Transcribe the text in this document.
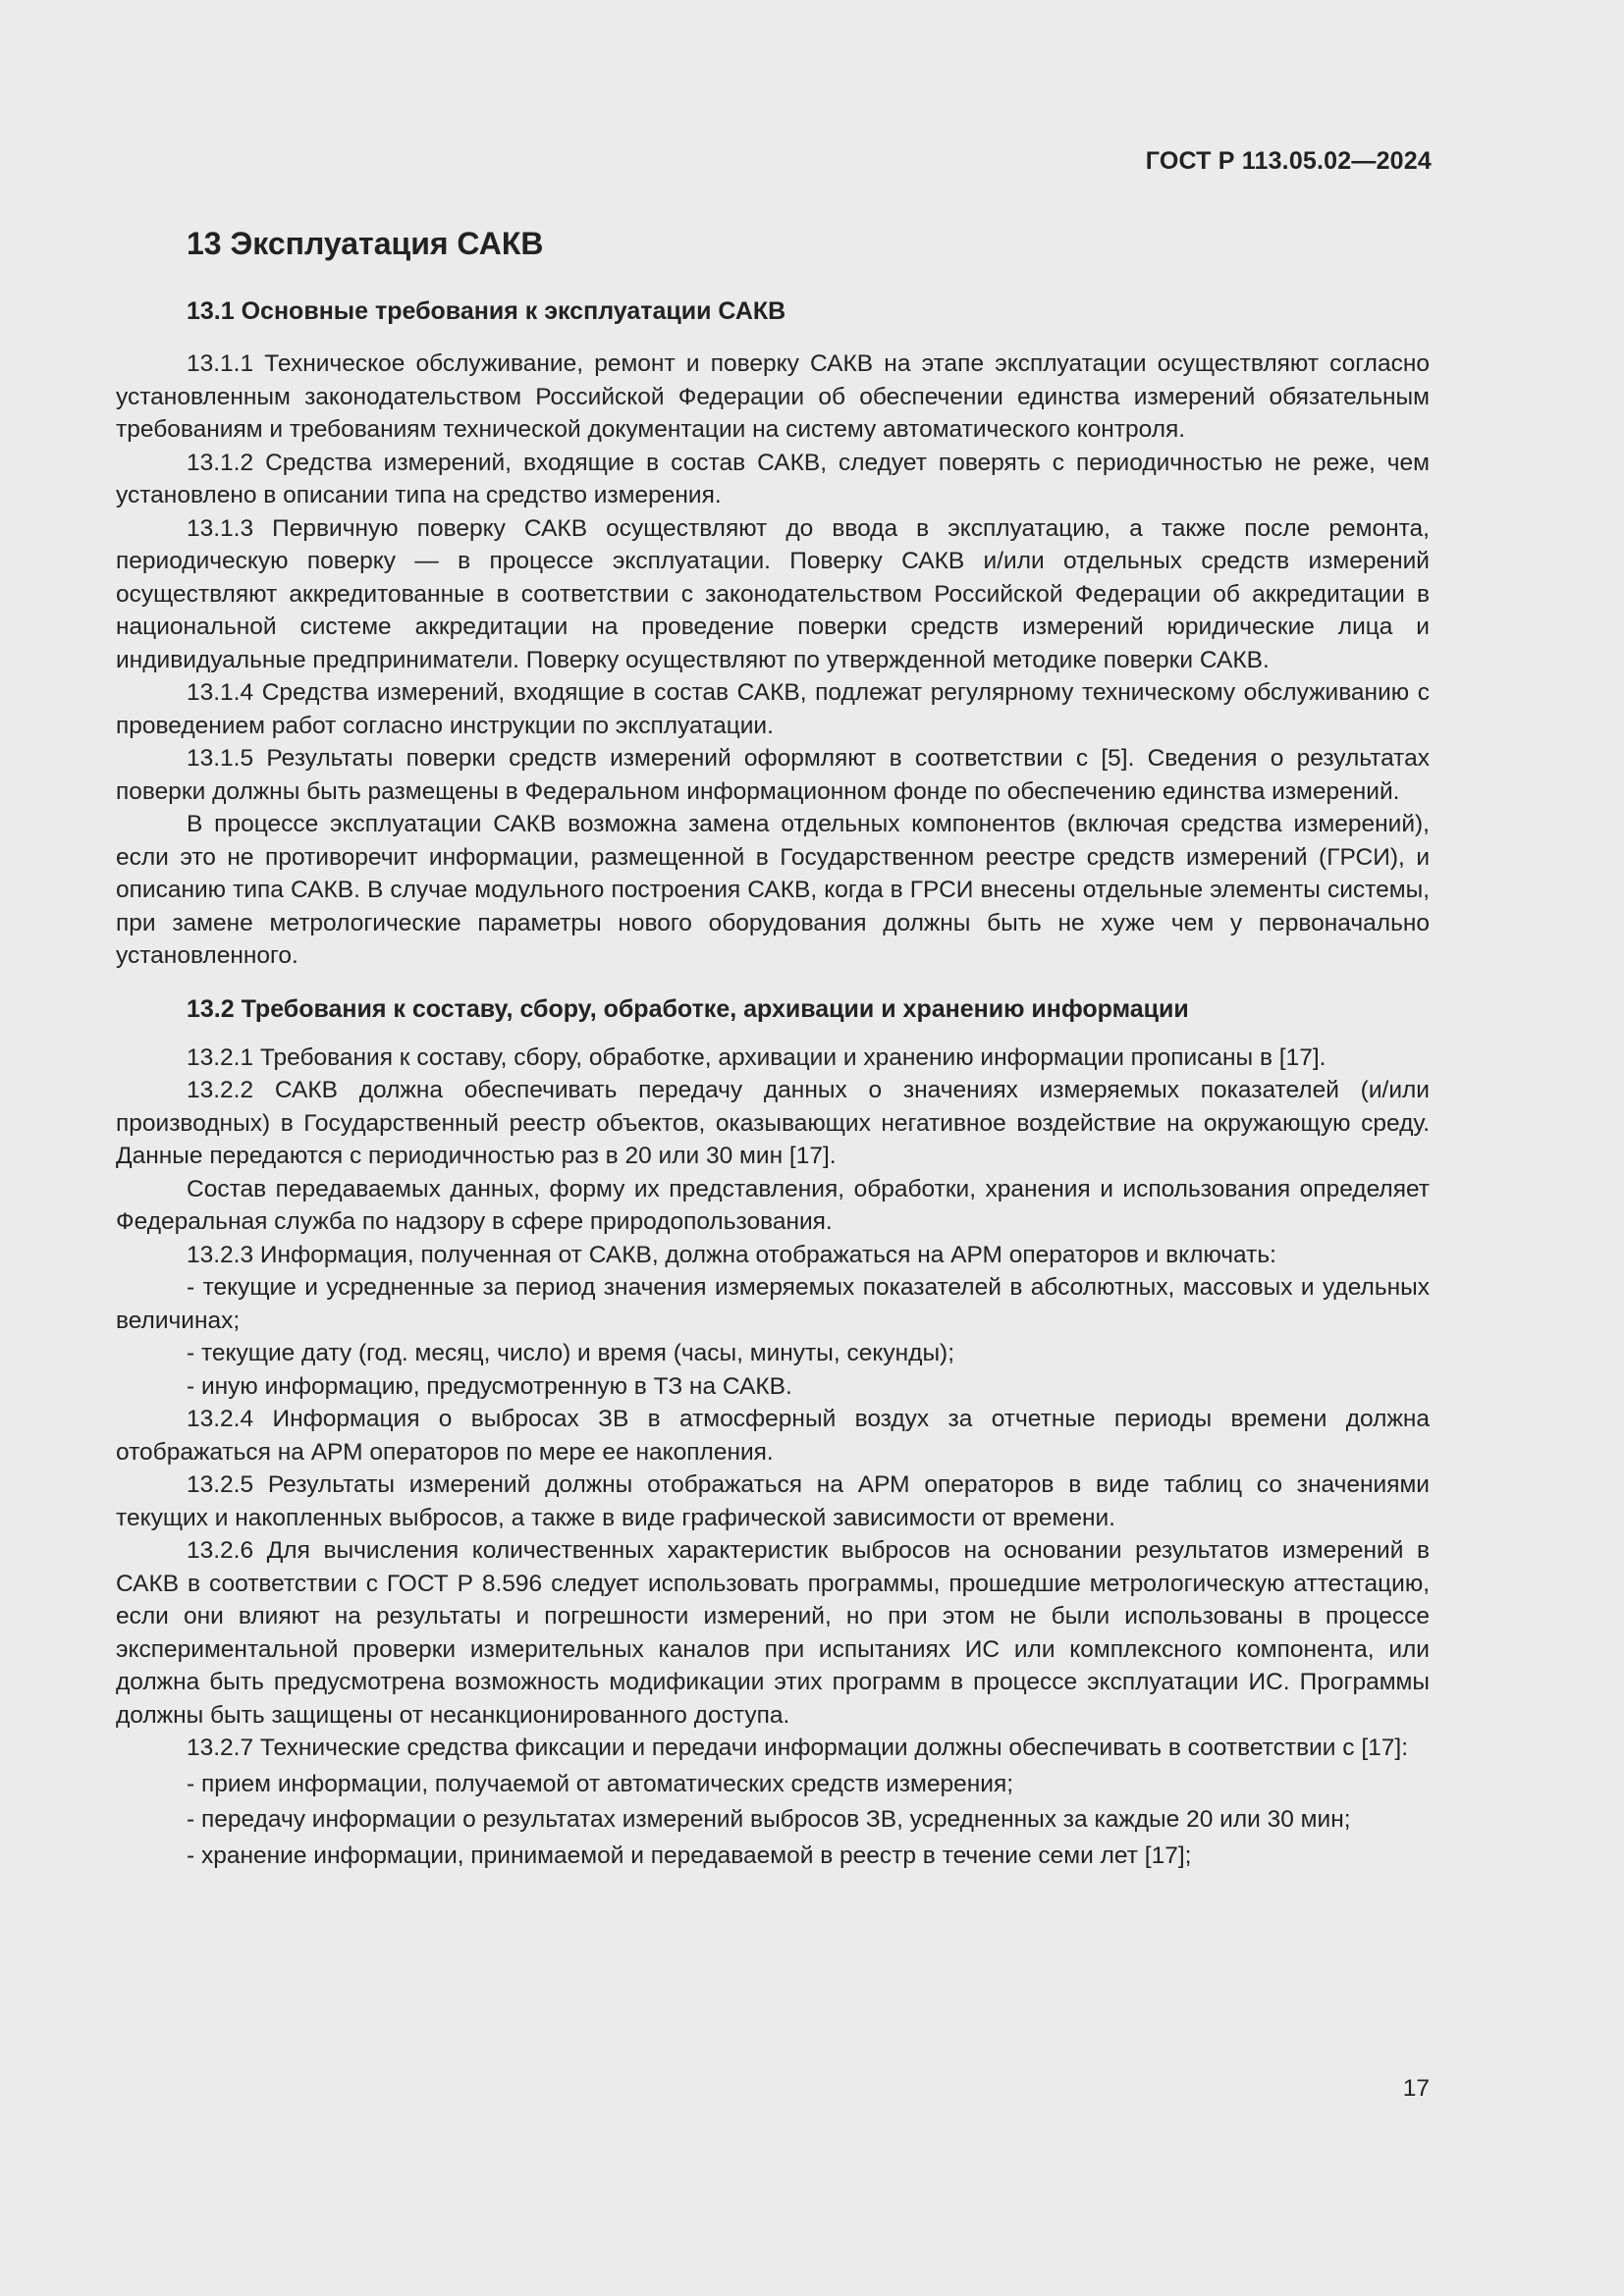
ГОСТ Р 113.05.02—2024
13 Эксплуатация САКВ
13.1 Основные требования к эксплуатации САКВ

13.1.1 Техническое обслуживание, ремонт и поверку САКВ на этапе эксплуатации осуществляют согласно установленным законодательством Российской Федерации об обеспечении единства измерений обязательным требованиям и требованиям технической документации на систему автоматического контроля.

13.1.2 Средства измерений, входящие в состав САКВ, следует поверять с периодичностью не реже, чем установлено в описании типа на средство измерения.

13.1.3 Первичную поверку САКВ осуществляют до ввода в эксплуатацию, а также после ремонта, периодическую поверку — в процессе эксплуатации. Поверку САКВ и/или отдельных средств измерений осуществляют аккредитованные в соответствии с законодательством Российской Федерации об аккредитации в национальной системе аккредитации на проведение поверки средств измерений юридические лица и индивидуальные предприниматели. Поверку осуществляют по утвержденной методике поверки САКВ.

13.1.4 Средства измерений, входящие в состав САКВ, подлежат регулярному техническому обслуживанию с проведением работ согласно инструкции по эксплуатации.

13.1.5 Результаты поверки средств измерений оформляют в соответствии с [5]. Сведения о результатах поверки должны быть размещены в Федеральном информационном фонде по обеспечению единства измерений.

В процессе эксплуатации САКВ возможна замена отдельных компонентов (включая средства измерений), если это не противоречит информации, размещенной в Государственном реестре средств измерений (ГРСИ), и описанию типа САКВ. В случае модульного построения САКВ, когда в ГРСИ внесены отдельные элементы системы, при замене метрологические параметры нового оборудования должны быть не хуже чем у первоначально установленного.

13.2 Требования к составу, сбору, обработке, архивации и хранению информации

13.2.1 Требования к составу, сбору, обработке, архивации и хранению информации прописаны в [17].

13.2.2 САКВ должна обеспечивать передачу данных о значениях измеряемых показателей (и/или производных) в Государственный реестр объектов, оказывающих негативное воздействие на окружающую среду. Данные передаются с периодичностью раз в 20 или 30 мин [17].

Состав передаваемых данных, форму их представления, обработки, хранения и использования определяет Федеральная служба по надзору в сфере природопользования.

13.2.3 Информация, полученная от САКВ, должна отображаться на АРМ операторов и включать:

- текущие и усредненные за период значения измеряемых показателей в абсолютных, массовых и удельных величинах;

- текущие дату (год. месяц, число) и время (часы, минуты, секунды);

- иную информацию, предусмотренную в ТЗ на САКВ.

13.2.4 Информация о выбросах ЗВ в атмосферный воздух за отчетные периоды времени должна отображаться на АРМ операторов по мере ее накопления.

13.2.5 Результаты измерений должны отображаться на АРМ операторов в виде таблиц со значениями текущих и накопленных выбросов, а также в виде графической зависимости от времени.

13.2.6 Для вычисления количественных характеристик выбросов на основании результатов измерений в САКВ в соответствии с ГОСТ Р 8.596 следует использовать программы, прошедшие метрологическую аттестацию, если они влияют на результаты и погрешности измерений, но при этом не были использованы в процессе экспериментальной проверки измерительных каналов при испытаниях ИС или комплексного компонента, или должна быть предусмотрена возможность модификации этих программ в процессе эксплуатации ИС. Программы должны быть защищены от несанкционированного доступа.

13.2.7 Технические средства фиксации и передачи информации должны обеспечивать в соответствии с [17]:

- прием информации, получаемой от автоматических средств измерения;

- передачу информации о результатах измерений выбросов ЗВ, усредненных за каждые 20 или 30 мин;

- хранение информации, принимаемой и передаваемой в реестр в течение семи лет [17];

17
